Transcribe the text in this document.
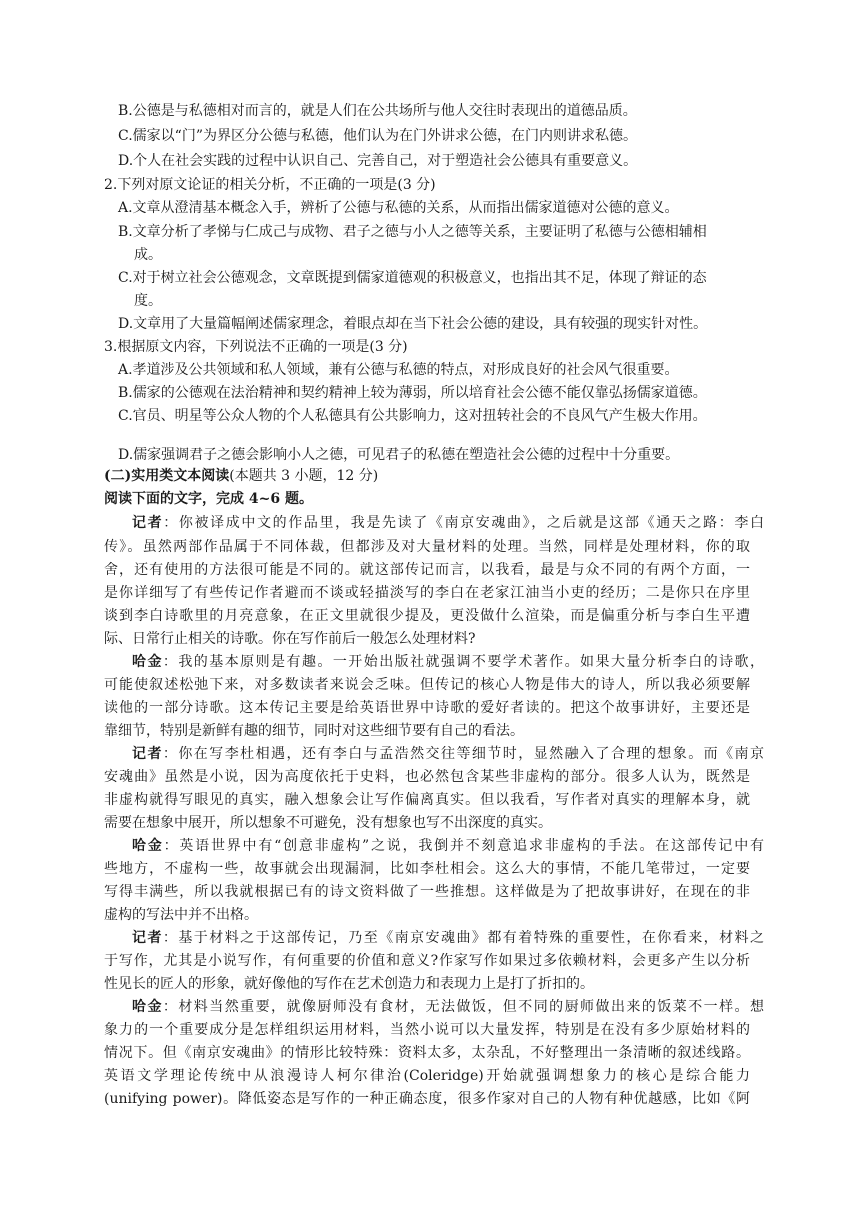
B.公德是与私德相对而言的，就是人们在公共场所与他人交往时表现出的道德品质。
C.儒家以“门”为界区分公德与私德，他们认为在门外讲求公德，在门内则讲求私德。
D.个人在社会实践的过程中认识自己、完善自己，对于塑造社会公德具有重要意义。
2.下列对原文论证的相关分析，不正确的一项是(3 分)
A.文章从澄清基本概念入手，辨析了公德与私德的关系，从而指出儒家道德对公德的意义。
B.文章分析了孝悌与仁成己与成物、君子之德与小人之德等关系，主要证明了私德与公德相辅相
成。
C.对于树立社会公德观念，文章既提到儒家道德观的积极意义，也指出其不足，体现了辩证的态
度。
D.文章用了大量篇幅阐述儒家理念，着眼点却在当下社会公德的建设，具有较强的现实针对性。
3.根据原文内容，下列说法不正确的一项是(3 分)
A.孝道涉及公共领域和私人领域，兼有公德与私德的特点，对形成良好的社会风气很重要。
B.儒家的公德观在法治精神和契约精神上较为薄弱，所以培育社会公德不能仅靠弘扬儒家道德。
C.官员、明星等公众人物的个人私德具有公共影响力，这对扭转社会的不良风气产生极大作用。
D.儒家强调君子之德会影响小人之德，可见君子的私德在塑造社会公德的过程中十分重要。
(二)实用类文本阅读(本题共 3 小题，12 分)
阅读下面的文字，完成 4~6 题。
记者：你被译成中文的作品里，我是先读了《南京安魂曲》，之后就是这部《通天之路：李白
传》。虽然两部作品属于不同体裁，但都涉及对大量材料的处理。当然，同样是处理材料，你的取
舍，还有使用的方法很可能是不同的。就这部传记而言，以我看，最是与众不同的有两个方面，一
是你详细写了有些传记作者避而不谈或轻描淡写的李白在老家江油当小吏的经历；二是你只在序里
谈到李白诗歌里的月亮意象，在正文里就很少提及，更没做什么渲染，而是偏重分析与李白生平遭
际、日常行止相关的诗歌。你在写作前后一般怎么处理材料?
哈金：我的基本原则是有趣。一开始出版社就强调不要学术著作。如果大量分析李白的诗歌，
可能使叙述松弛下来，对多数读者来说会乏味。但传记的核心人物是伟大的诗人，所以我必须要解
读他的一部分诗歌。这本传记主要是给英语世界中诗歌的爱好者读的。把这个故事讲好，主要还是
靠细节，特别是新鲜有趣的细节，同时对这些细节要有自己的看法。
记者：你在写李杜相遇，还有李白与孟浩然交往等细节时，显然融入了合理的想象。而《南京
安魂曲》虽然是小说，因为高度依托于史料，也必然包含某些非虚构的部分。很多人认为，既然是
非虚构就得写眼见的真实，融入想象会让写作偏离真实。但以我看，写作者对真实的理解本身，就
需要在想象中展开，所以想象不可避免，没有想象也写不出深度的真实。
哈金：英语世界中有“创意非虚构”之说，我倒并不刻意追求非虚构的手法。在这部传记中有
些地方，不虚构一些，故事就会出现漏洞，比如李杜相会。这么大的事情，不能几笔带过，一定要
写得丰满些，所以我就根据已有的诗文资料做了一些推想。这样做是为了把故事讲好，在现在的非
虚构的写法中并不出格。
记者：基于材料之于这部传记，乃至《南京安魂曲》都有着特殊的重要性，在你看来，材料之
于写作，尤其是小说写作，有何重要的价值和意义?作家写作如果过多依赖材料，会更多产生以分析
性见长的匠人的形象，就好像他的写作在艺术创造力和表现力上是打了折扣的。
哈金：材料当然重要，就像厨师没有食材，无法做饭，但不同的厨师做出来的饭菜不一样。想
象力的一个重要成分是怎样组织运用材料，当然小说可以大量发挥，特别是在没有多少原始材料的
情况下。但《南京安魂曲》的情形比较特殊：资料太多，太杂乱，不好整理出一条清晰的叙述线路。
英语文学理论传统中从浪漫诗人柯尔律治(Coleridge)开始就强调想象力的核心是综合能力
(unifying power)。降低姿态是写作的一种正确态度，很多作家对自己的人物有种优越感，比如《阿
